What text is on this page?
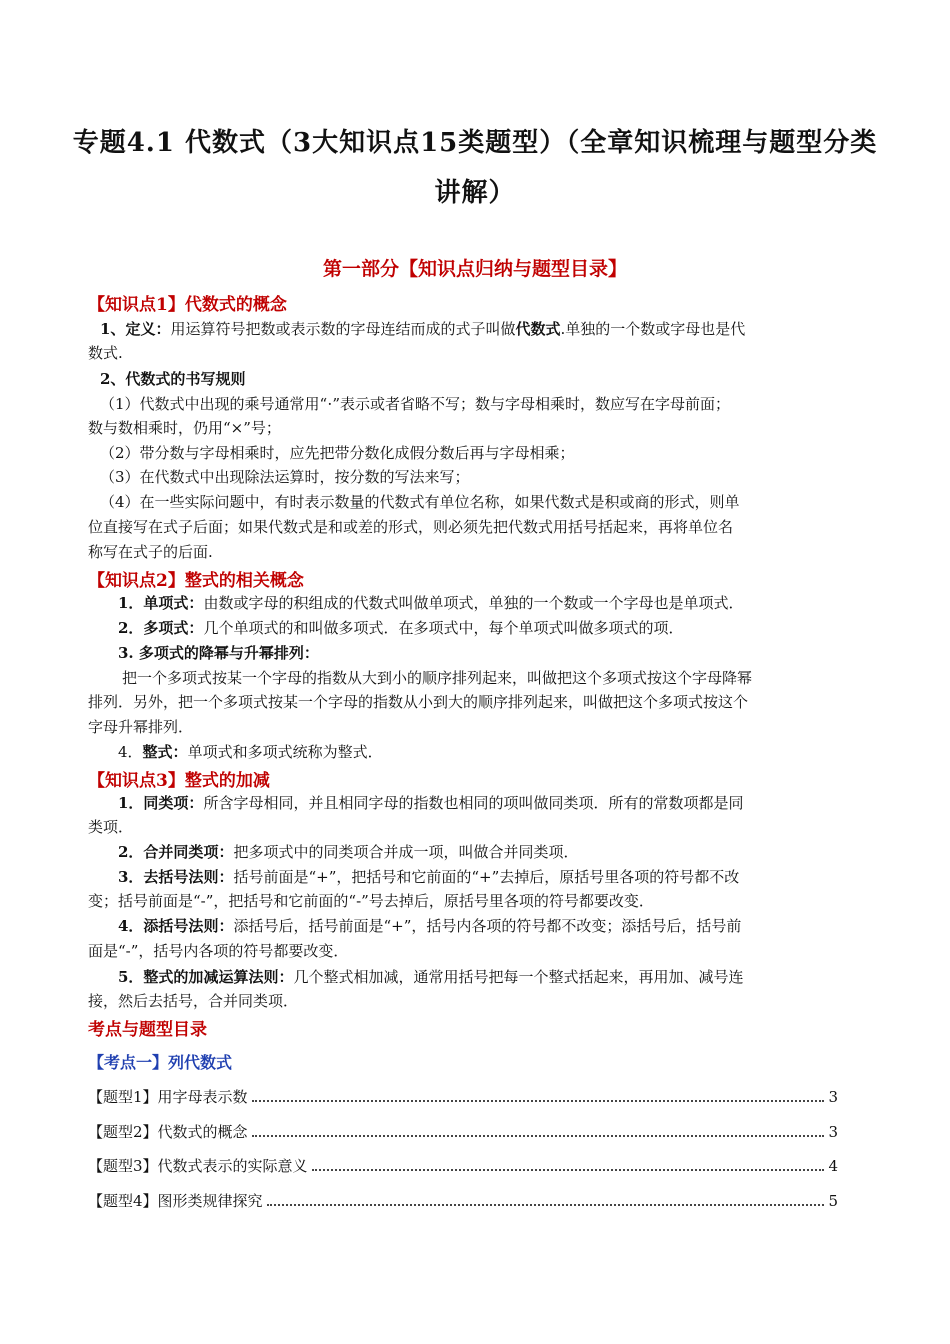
专题4.1 代数式（3大知识点15类题型）（全章知识梳理与题型分类
讲解）
第一部分【知识点归纳与题型目录】
【知识点1】代数式的概念
1、定义：用运算符号把数或表示数的字母连结而成的式子叫做代数式.单独的一个数或字母也是代
数式.
2、代数式的书写规则
（1）代数式中出现的乘号通常用“⋅”表示或者省略不写；数与字母相乘时，数应写在字母前面；
数与数相乘时，仍用“×”号；
（2）带分数与字母相乘时，应先把带分数化成假分数后再与字母相乘；
（3）在代数式中出现除法运算时，按分数的写法来写；
（4）在一些实际问题中，有时表示数量的代数式有单位名称，如果代数式是积或商的形式，则单
位直接写在式子后面；如果代数式是和或差的形式，则必须先把代数式用括号括起来，再将单位名
称写在式子的后面.
【知识点2】整式的相关概念
1．单项式：由数或字母的积组成的代数式叫做单项式，单独的一个数或一个字母也是单项式．
2．多项式：几个单项式的和叫做多项式．在多项式中，每个单项式叫做多项式的项．
3. 多项式的降幂与升幂排列：
把一个多项式按某一个字母的指数从大到小的顺序排列起来，叫做把这个多项式按这个字母降幂
排列．另外，把一个多项式按某一个字母的指数从小到大的顺序排列起来，叫做把这个多项式按这个
字母升幂排列．
4．整式：单项式和多项式统称为整式．
【知识点3】整式的加减
1．同类项：所含字母相同，并且相同字母的指数也相同的项叫做同类项．所有的常数项都是同
类项．
2．合并同类项：把多项式中的同类项合并成一项，叫做合并同类项．
3．去括号法则：括号前面是“+”，把括号和它前面的“+”去掉后，原括号里各项的符号都不改
变；括号前面是“-”，把括号和它前面的“-”号去掉后，原括号里各项的符号都要改变．
4．添括号法则：添括号后，括号前面是“+”，括号内各项的符号都不改变；添括号后，括号前
面是“-”，括号内各项的符号都要改变．
5．整式的加减运算法则：几个整式相加减，通常用括号把每一个整式括起来，再用加、减号连
接，然后去括号，合并同类项．
考点与题型目录
【考点一】列代数式
【题型1】用字母表示数	3
【题型2】代数式的概念	3
【题型3】代数式表示的实际意义	4
【题型4】图形类规律探究	5
